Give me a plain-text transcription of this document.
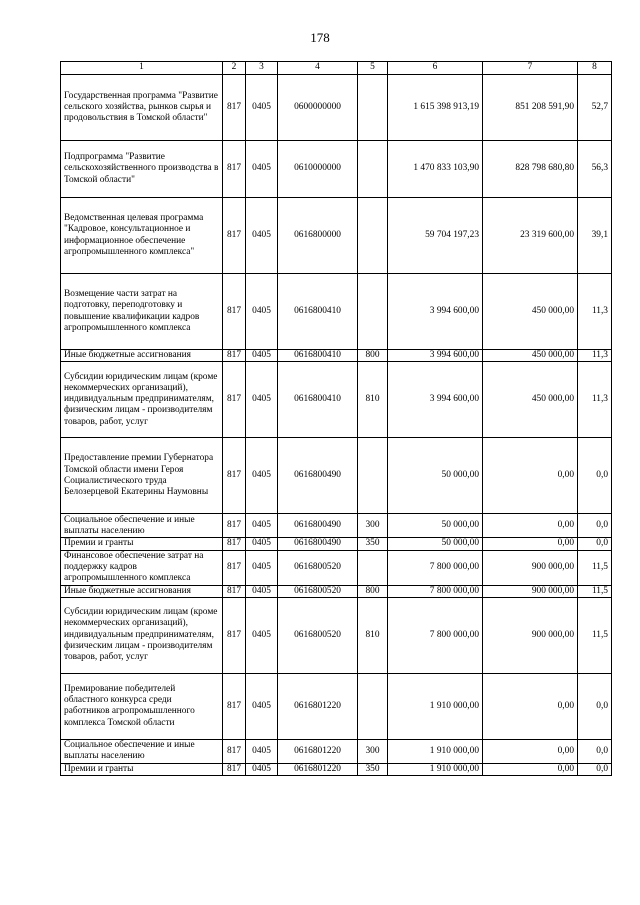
178
1	2	3	4	5	6	7	8
Государственная программа "Развитие сельского хозяйства, рынков сырья и продовольствия в Томской области"	817	0405	0600000000		1 615 398 913,19	851 208 591,90	52,7
Подпрограмма "Развитие сельскохозяйственного производства в Томской области"	817	0405	0610000000		1 470 833 103,90	828 798 680,80	56,3
Ведомственная целевая программа "Кадровое, консультационное и информационное обеспечение агропромышленного комплекса"	817	0405	0616800000		59 704 197,23	23 319 600,00	39,1
Возмещение части затрат на подготовку, переподготовку и повышение квалификации кадров агропромышленного комплекса	817	0405	0616800410		3 994 600,00	450 000,00	11,3
Иные бюджетные ассигнования	817	0405	0616800410	800	3 994 600,00	450 000,00	11,3
Субсидии юридическим лицам (кроме некоммерческих организаций), индивидуальным предпринимателям, физическим лицам - производителям товаров, работ, услуг	817	0405	0616800410	810	3 994 600,00	450 000,00	11,3
Предоставление премии Губернатора Томской области имени Героя Социалистического труда Белозерцевой Екатерины Наумовны	817	0405	0616800490		50 000,00	0,00	0,0
Социальное обеспечение и иные выплаты населению	817	0405	0616800490	300	50 000,00	0,00	0,0
Премии и гранты	817	0405	0616800490	350	50 000,00	0,00	0,0
Финансовое обеспечение затрат на поддержку кадров агропромышленного комплекса	817	0405	0616800520		7 800 000,00	900 000,00	11,5
Иные бюджетные ассигнования	817	0405	0616800520	800	7 800 000,00	900 000,00	11,5
Субсидии юридическим лицам (кроме некоммерческих организаций), индивидуальным предпринимателям, физическим лицам - производителям товаров, работ, услуг	817	0405	0616800520	810	7 800 000,00	900 000,00	11,5
Премирование победителей областного конкурса среди работников агропромышленного комплекса Томской области	817	0405	0616801220		1 910 000,00	0,00	0,0
Социальное обеспечение и иные выплаты населению	817	0405	0616801220	300	1 910 000,00	0,00	0,0
Премии и гранты	817	0405	0616801220	350	1 910 000,00	0,00	0,0
